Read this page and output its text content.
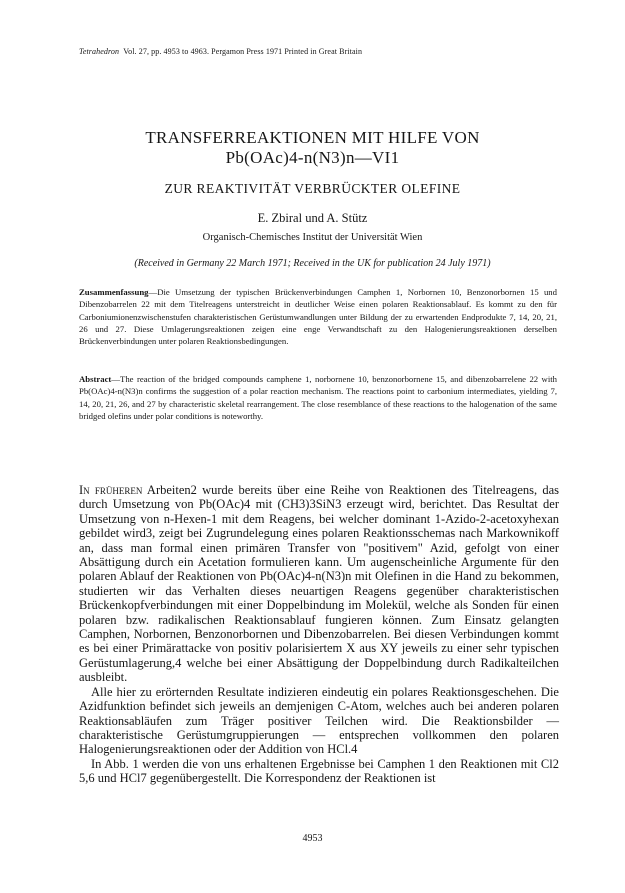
Tetrahedron Vol. 27, pp. 4953 to 4963. Pergamon Press 1971 Printed in Great Britain
TRANSFERREAKTIONEN MIT HILFE VON
Pb(OAc)4-n(N3)n—VI1
ZUR REAKTIVITÄT VERBRÜCKTER OLEFINE
E. Zbiral und A. Stütz
Organisch-Chemisches Institut der Universität Wien
(Received in Germany 22 March 1971; Received in the UK for publication 24 July 1971)
Zusammenfassung—Die Umsetzung der typischen Brückenverbindungen Camphen 1, Norbornen 10, Benzonorbornen 15 und Dibenzobarrelen 22 mit dem Titelreagens unterstreicht in deutlicher Weise einen polaren Reaktionsablauf. Es kommt zu den für Carboniumionenzwischenstufen charakteristischen Gerüstumwandlungen unter Bildung der zu erwartenden Endprodukte 7, 14, 20, 21, 26 und 27. Diese Umlagerungsreaktionen zeigen eine enge Verwandtschaft zu den Halogenierungsreaktionen derselben Brückenverbindungen unter polaren Reaktionsbedingungen.
Abstract—The reaction of the bridged compounds camphene 1, norbornene 10, benzonorbornene 15, and dibenzobarrelene 22 with Pb(OAc)4-n(N3)n confirms the suggestion of a polar reaction mechanism. The reactions point to carbonium intermediates, yielding 7, 14, 20, 21, 26, and 27 by characteristic skeletal rearrangement. The close resemblance of these reactions to the halogenation of the same bridged olefins under polar conditions is noteworthy.

In früheren Arbeiten2 wurde bereits über eine Reihe von Reaktionen des Titelreagens, das durch Umsetzung von Pb(OAc)4 mit (CH3)3SiN3 erzeugt wird, berichtet. Das Resultat der Umsetzung von n-Hexen-1 mit dem Reagens, bei welcher dominant 1-Azido-2-acetoxyhexan gebildet wird3, zeigt bei Zugrundelegung eines polaren Reaktionsschemas nach Markownikoff an, dass man formal einen primären Transfer von "positivem" Azid, gefolgt von einer Absättigung durch ein Acetation formulieren kann. Um augenscheinliche Argumente für den polaren Ablauf der Reaktionen von Pb(OAc)4-n(N3)n mit Olefinen in die Hand zu bekommen, studierten wir das Verhalten dieses neuartigen Reagens gegenüber charakteristischen Brückenkopfverbindungen mit einer Doppelbindung im Molekül, welche als Sonden für einen polaren bzw. radikalischen Reaktionsablauf fungieren können. Zum Einsatz gelangten Camphen, Norbornen, Benzonorbornen und Dibenzobarrelen. Bei diesen Verbindungen kommt es bei einer Primärattacke von positiv polarisiertem X aus XY jeweils zu einer sehr typischen Gerüstumlagerung,4 welche bei einer Absättigung der Doppelbindung durch Radikalteilchen ausbleibt.

Alle hier zu erörternden Resultate indizieren eindeutig ein polares Reaktionsgeschehen. Die Azidfunktion befindet sich jeweils an demjenigen C-Atom, welches auch bei anderen polaren Reaktionsabläufen zum Träger positiver Teilchen wird. Die Reaktionsbilder — charakteristische Gerüstumgruppierungen — entsprechen vollkommen den polaren Halogenierungsreaktionen oder der Addition von HCl.4

In Abb. 1 werden die von uns erhaltenen Ergebnisse bei Camphen 1 den Reaktionen mit Cl2 5,6 und HCl7 gegenübergestellt. Die Korrespondenz der Reaktionen ist

4953
